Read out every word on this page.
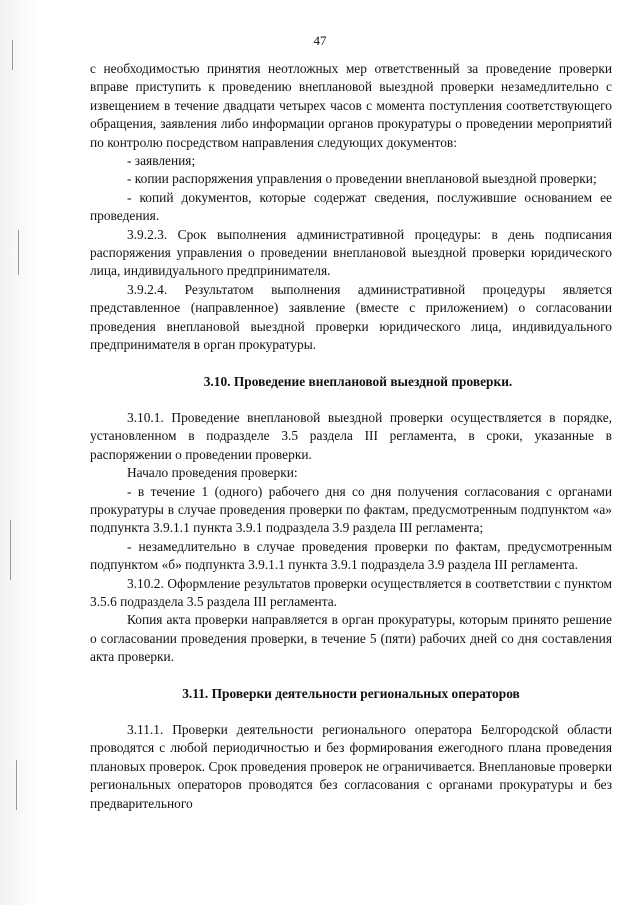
47

с необходимостью принятия неотложных мер ответственный за проведение проверки вправе приступить к проведению внеплановой выездной проверки незамедлительно с извещением в течение двадцати четырех часов с момента поступления соответствующего обращения, заявления либо информации органов прокуратуры о проведении мероприятий по контролю посредством направления следующих документов:

- заявления;

- копии распоряжения управления о проведении внеплановой выездной проверки;

- копий документов, которые содержат сведения, послужившие основанием ее проведения.

3.9.2.3. Срок выполнения административной процедуры: в день подписания распоряжения управления о проведении внеплановой выездной проверки юридического лица, индивидуального предпринимателя.

3.9.2.4. Результатом выполнения административной процедуры является представленное (направленное) заявление (вместе с приложением) о согласовании проведения внеплановой выездной проверки юридического лица, индивидуального предпринимателя в орган прокуратуры.

3.10. Проведение внеплановой выездной проверки.

3.10.1. Проведение внеплановой выездной проверки осуществляется в порядке, установленном в подразделе 3.5 раздела III регламента, в сроки, указанные в распоряжении о проведении проверки.

Начало проведения проверки:

- в течение 1 (одного) рабочего дня со дня получения согласования с органами прокуратуры в случае проведения проверки по фактам, предусмотренным подпунктом «а» подпункта 3.9.1.1 пункта 3.9.1 подраздела 3.9 раздела III регламента;

- незамедлительно в случае проведения проверки по фактам, предусмотренным подпунктом «б» подпункта 3.9.1.1 пункта 3.9.1 подраздела 3.9 раздела III регламента.

3.10.2. Оформление результатов проверки осуществляется в соответствии с пунктом 3.5.6 подраздела 3.5 раздела III регламента.

Копия акта проверки направляется в орган прокуратуры, которым принято решение о согласовании проведения проверки, в течение 5 (пяти) рабочих дней со дня составления акта проверки.

3.11. Проверки деятельности региональных операторов

3.11.1. Проверки деятельности регионального оператора Белгородской области проводятся с любой периодичностью и без формирования ежегодного плана проведения плановых проверок. Срок проведения проверок не ограничивается. Внеплановые проверки региональных операторов проводятся без согласования с органами прокуратуры и без предварительного
